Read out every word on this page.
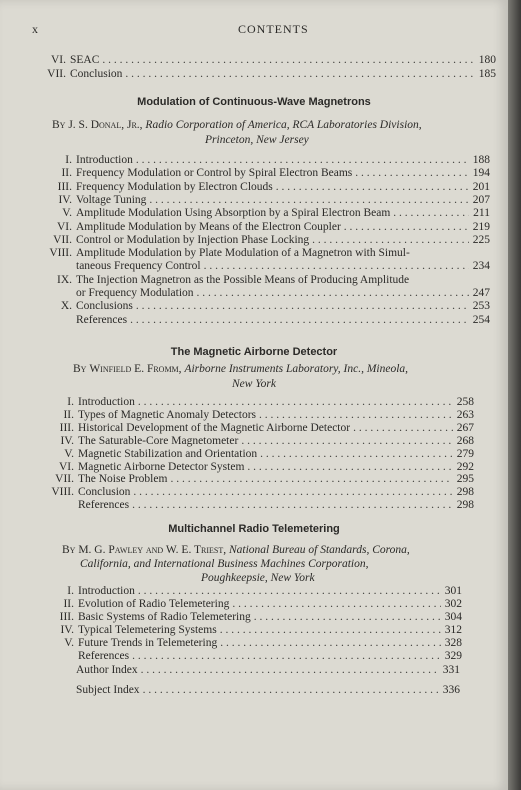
x	CONTENTS
VI. SEAC . . .	180
VII. Conclusion . . .	185
Modulation of Continuous-Wave Magnetrons
By J. S. Donal, Jr., Radio Corporation of America, RCA Laboratories Division,
Princeton, New Jersey
I. Introduction . . .	188
II. Frequency Modulation or Control by Spiral Electron Beams . . .	194
III. Frequency Modulation by Electron Clouds . . .	201
IV. Voltage Tuning . . .	207
V. Amplitude Modulation Using Absorption by a Spiral Electron Beam . . .	211
VI. Amplitude Modulation by Means of the Electron Coupler . . .	219
VII. Control or Modulation by Injection Phase Locking . . .	225
VIII. Amplitude Modulation by Plate Modulation of a Magnetron with Simul-
taneous Frequency Control . . .	234
IX. The Injection Magnetron as the Possible Means of Producing Amplitude
or Frequency Modulation . . .	247
X. Conclusions . . .	253
References . . .	254
The Magnetic Airborne Detector
By Winfield E. Fromm, Airborne Instruments Laboratory, Inc., Mineola,
New York
I. Introduction . . .	258
II. Types of Magnetic Anomaly Detectors . . .	263
III. Historical Development of the Magnetic Airborne Detector . . .	267
IV. The Saturable-Core Magnetometer . . .	268
V. Magnetic Stabilization and Orientation . . .	279
VI. Magnetic Airborne Detector System . . .	292
VII. The Noise Problem . . .	295
VIII. Conclusion . . .	298
References . . .	298
Multichannel Radio Telemetering
By M. G. Pawley and W. E. Triest, National Bureau of Standards, Corona,
California, and International Business Machines Corporation,
Poughkeepsie, New York
I. Introduction . . .	301
II. Evolution of Radio Telemetering . . .	302
III. Basic Systems of Radio Telemetering . . .	304
IV. Typical Telemetering Systems . . .	312
V. Future Trends in Telemetering . . .	328
References . . .	329
Author Index . . .	331
Subject Index . . .	336
